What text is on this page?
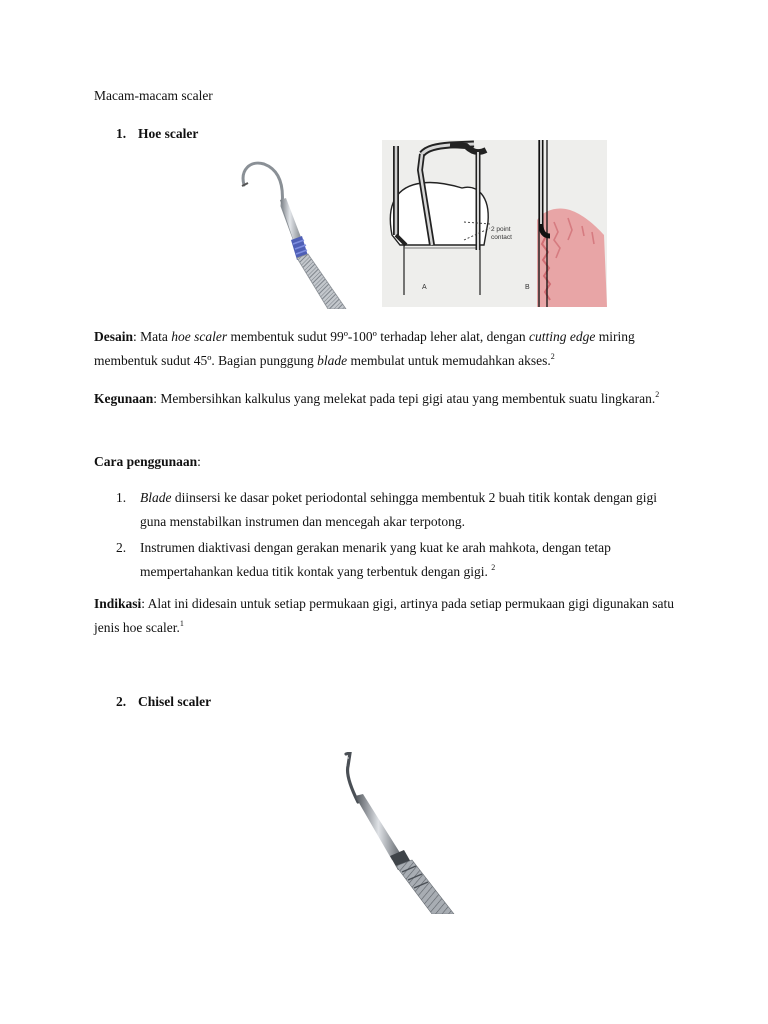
Macam-macam scaler
1. Hoe scaler
A
2 point
contact
B
Desain: Mata hoe scaler membentuk sudut 99º-100º terhadap leher alat, dengan cutting edge miring membentuk sudut 45º. Bagian punggung blade membulat untuk memudahkan akses.$^2$
Kegunaan: Membersihkan kalkulus yang melekat pada tepi gigi atau yang membentuk suatu lingkaran.$^2$
Cara penggunaan:
1. Blade diinsersi ke dasar poket periodontal sehingga membentuk 2 buah titik kontak dengan gigi guna menstabilkan instrumen dan mencegah akar terpotong.
2. Instrumen diaktivasi dengan gerakan menarik yang kuat ke arah mahkota, dengan tetap mempertahankan kedua titik kontak yang terbentuk dengan gigi. $^2$
Indikasi: Alat ini didesain untuk setiap permukaan gigi, artinya pada setiap permukaan gigi digunakan satu jenis hoe scaler.$^1$
2. Chisel scaler
